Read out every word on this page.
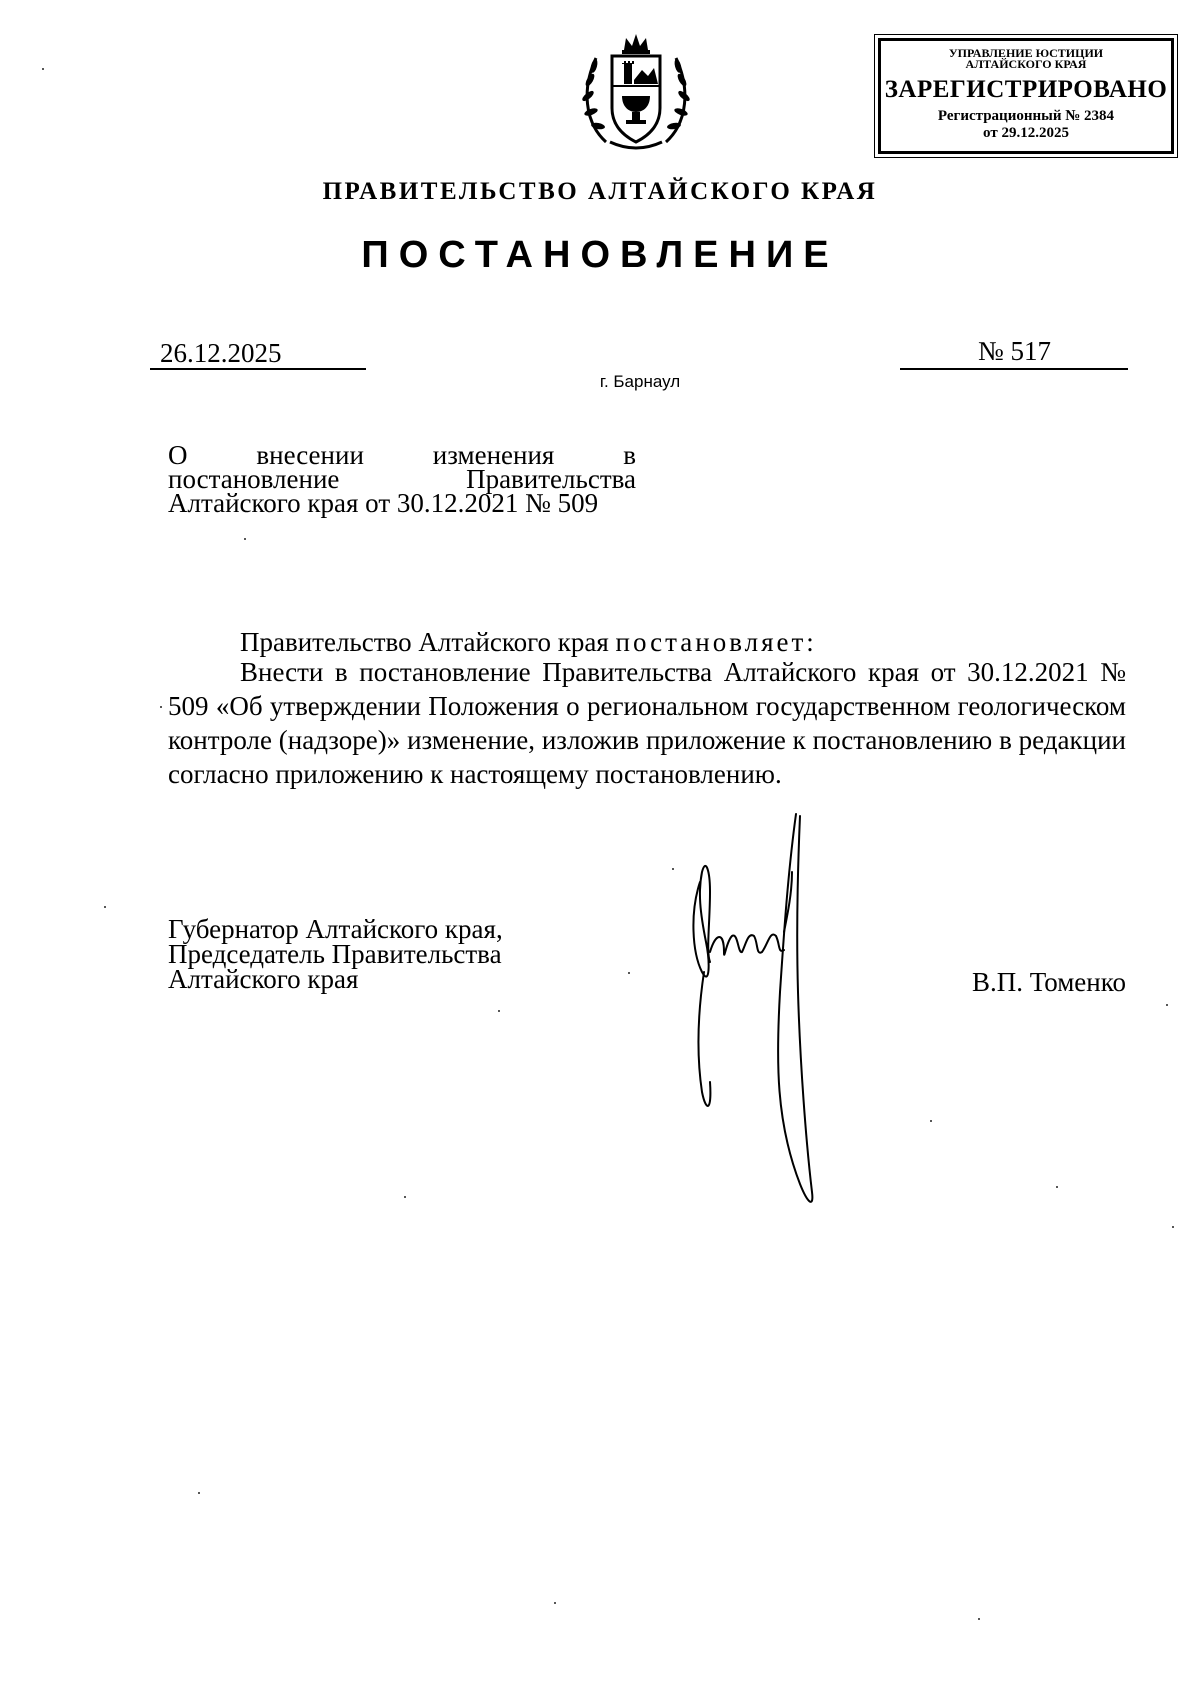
УПРАВЛЕНИЕ ЮСТИЦИИ
АЛТАЙСКОГО КРАЯ
ЗАРЕГИСТРИРОВАНО
Регистрационный № 2384
от 29.12.2025
ПРАВИТЕЛЬСТВО АЛТАЙСКОГО КРАЯ
ПОСТАНОВЛЕНИЕ
26.12.2025	№ 517
г. Барнаул
О	внесении	изменения	в
постановление	Правительства
Алтайского края от 30.12.2021 № 509
Правительство Алтайского края постановляет:
Внести в постановление Правительства Алтайского края от 30.12.2021 № 509 «Об утверждении Положения о региональном государственном геологическом контроле (надзоре)» изменение, изложив приложение к постановлению в редакции согласно приложению к настоящему постановлению.
Губернатор Алтайского края,
Председатель Правительства
Алтайского края	В.П. Томенко
